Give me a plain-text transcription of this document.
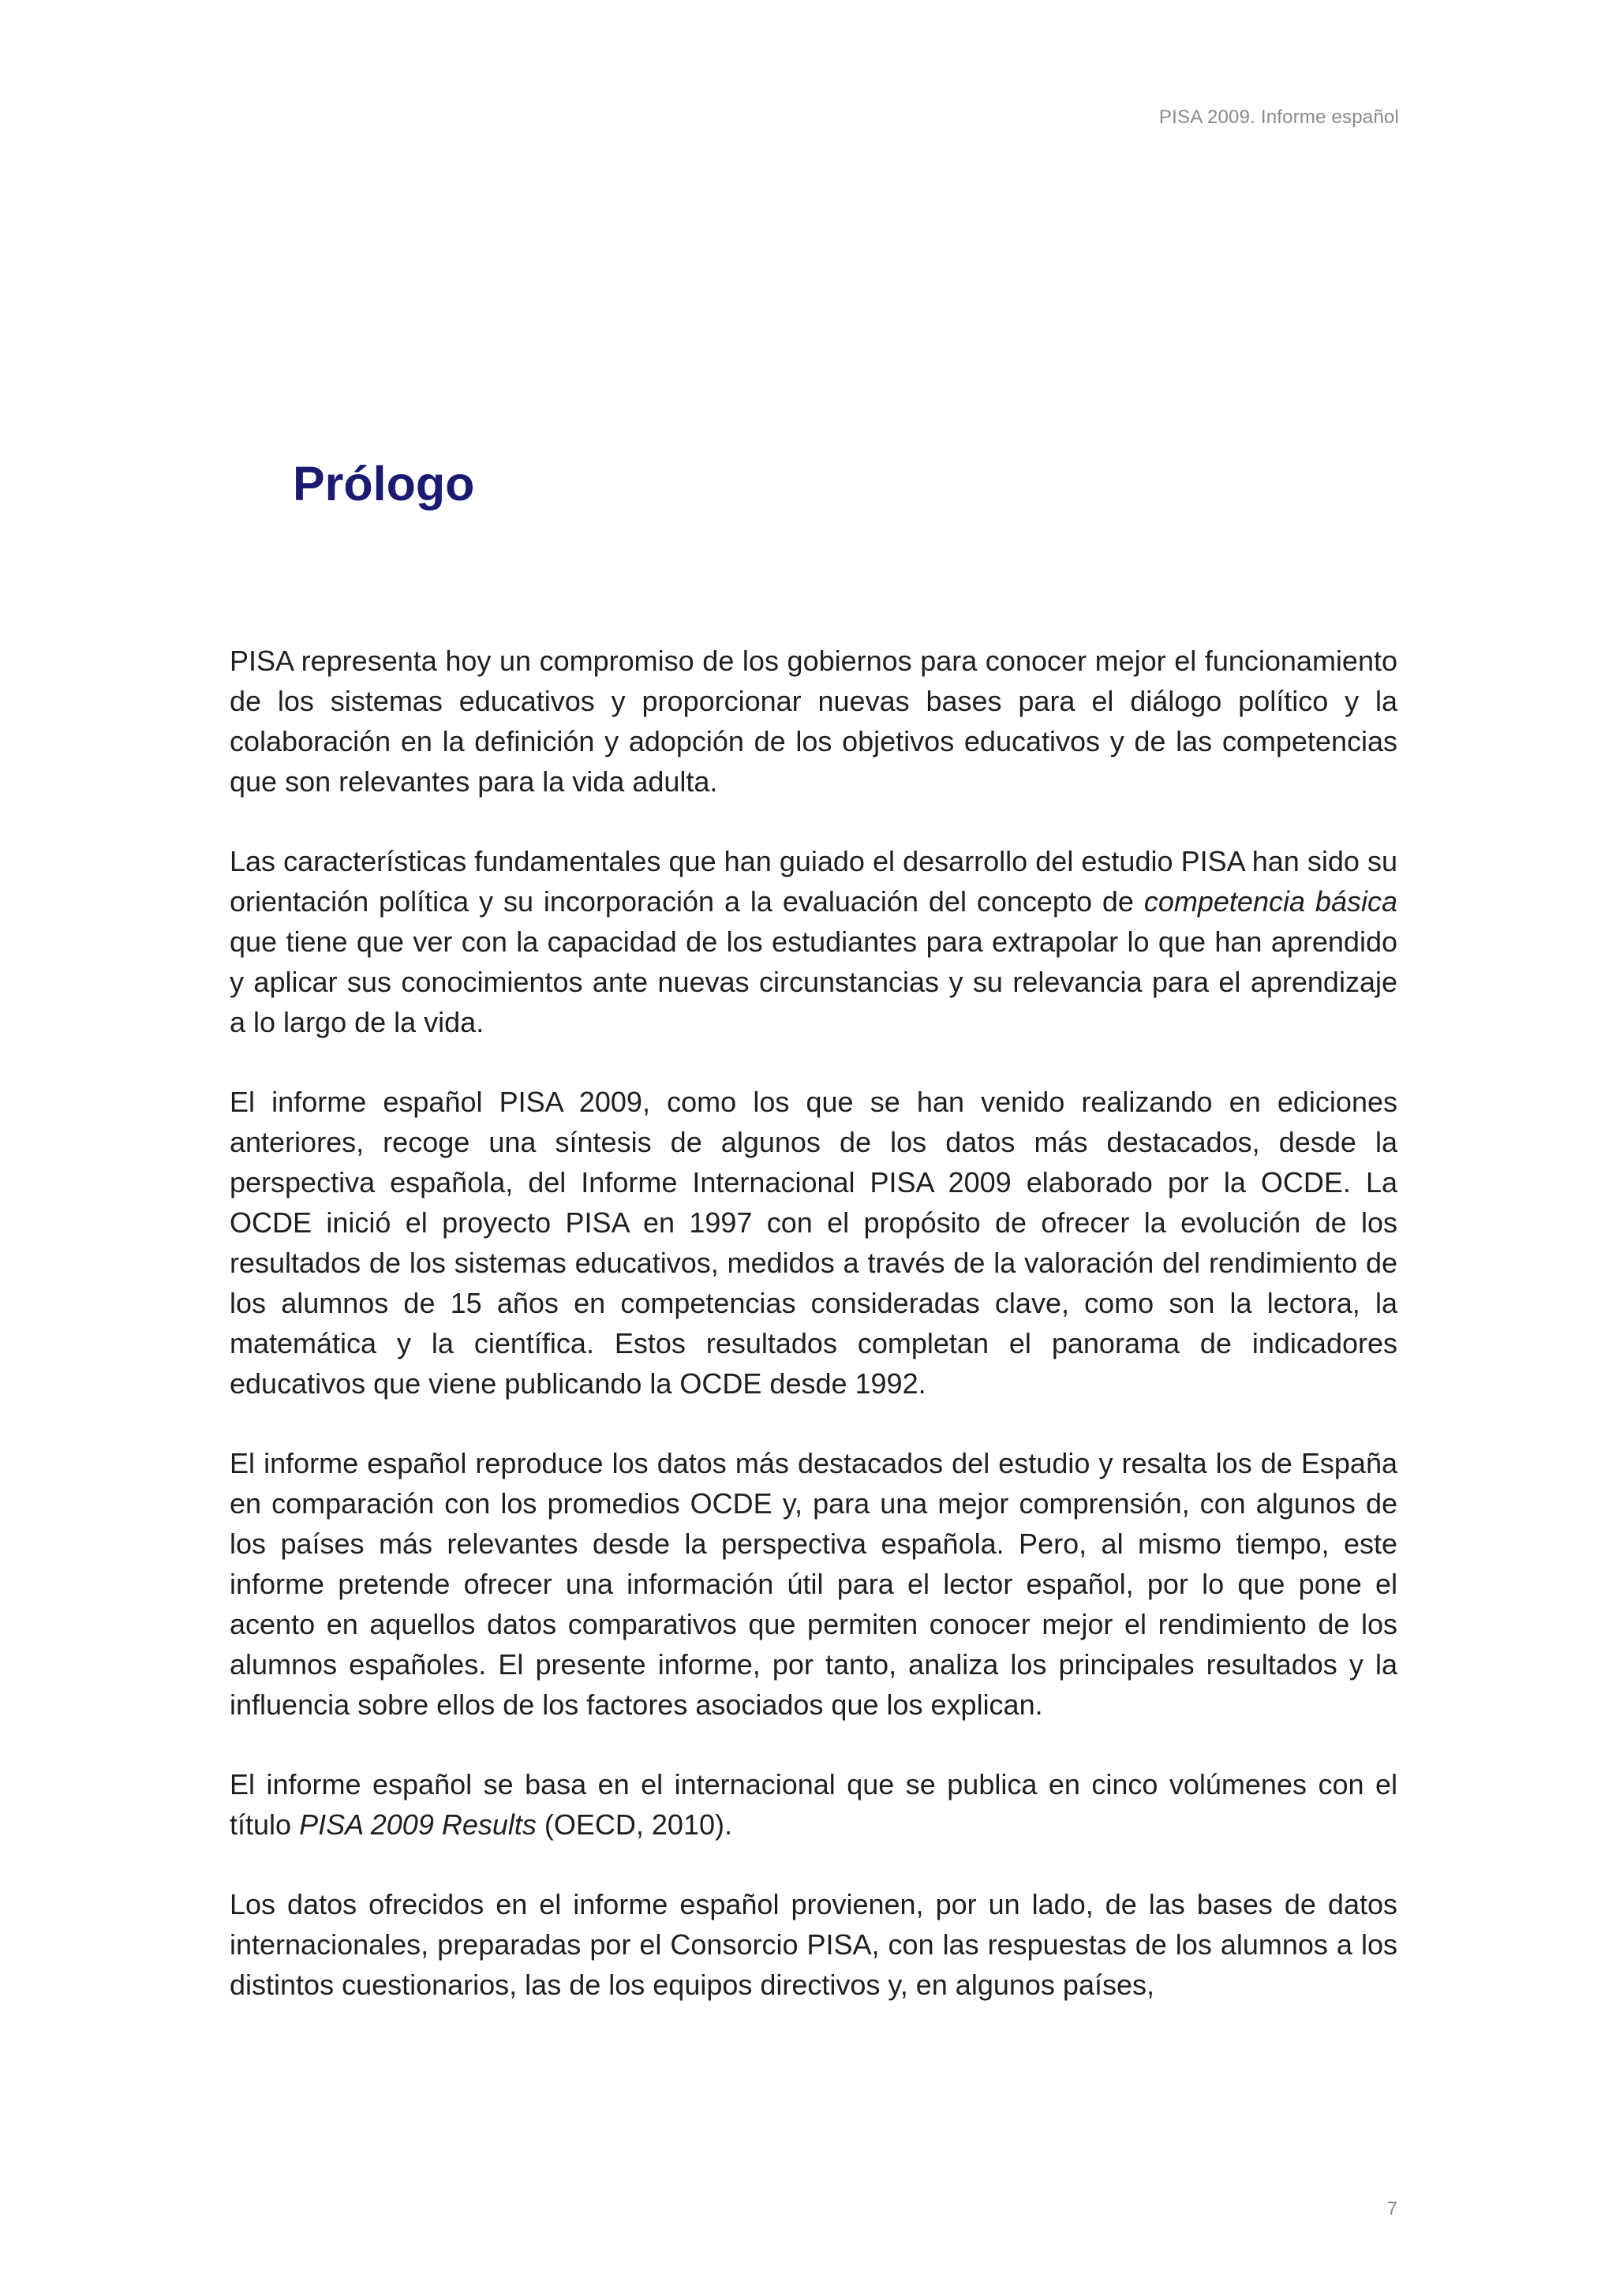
PISA 2009. Informe español
Prólogo

PISA representa hoy un compromiso de los gobiernos para conocer mejor el funcionamiento de los sistemas educativos y proporcionar nuevas bases para el diálogo político y la colaboración en la definición y adopción de los objetivos educativos y de las competencias que son relevantes para la vida adulta.

Las características fundamentales que han guiado el desarrollo del estudio PISA han sido su orientación política y su incorporación a la evaluación del concepto de competencia básica que tiene que ver con la capacidad de los estudiantes para extrapolar lo que han aprendido y aplicar sus conocimientos ante nuevas circunstancias y su relevancia para el aprendizaje a lo largo de la vida.

El informe español PISA 2009, como los que se han venido realizando en ediciones anteriores, recoge una síntesis de algunos de los datos más destacados, desde la perspectiva española, del Informe Internacional PISA 2009 elaborado por la OCDE. La OCDE inició el proyecto PISA en 1997 con el propósito de ofrecer la evolución de los resultados de los sistemas educativos, medidos a través de la valoración del rendimiento de los alumnos de 15 años en competencias consideradas clave, como son la lectora, la matemática y la científica. Estos resultados completan el panorama de indicadores educativos que viene publicando la OCDE desde 1992.

El informe español reproduce los datos más destacados del estudio y resalta los de España en comparación con los promedios OCDE y, para una mejor comprensión, con algunos de los países más relevantes desde la perspectiva española. Pero, al mismo tiempo, este informe pretende ofrecer una información útil para el lector español, por lo que pone el acento en aquellos datos comparativos que permiten conocer mejor el rendimiento de los alumnos españoles. El presente informe, por tanto, analiza los principales resultados y la influencia sobre ellos de los factores asociados que los explican.

El informe español se basa en el internacional que se publica en cinco volúmenes con el título PISA 2009 Results (OECD, 2010).

Los datos ofrecidos en el informe español provienen, por un lado, de las bases de datos internacionales, preparadas por el Consorcio PISA, con las respuestas de los alumnos a los distintos cuestionarios, las de los equipos directivos y, en algunos países,

7
